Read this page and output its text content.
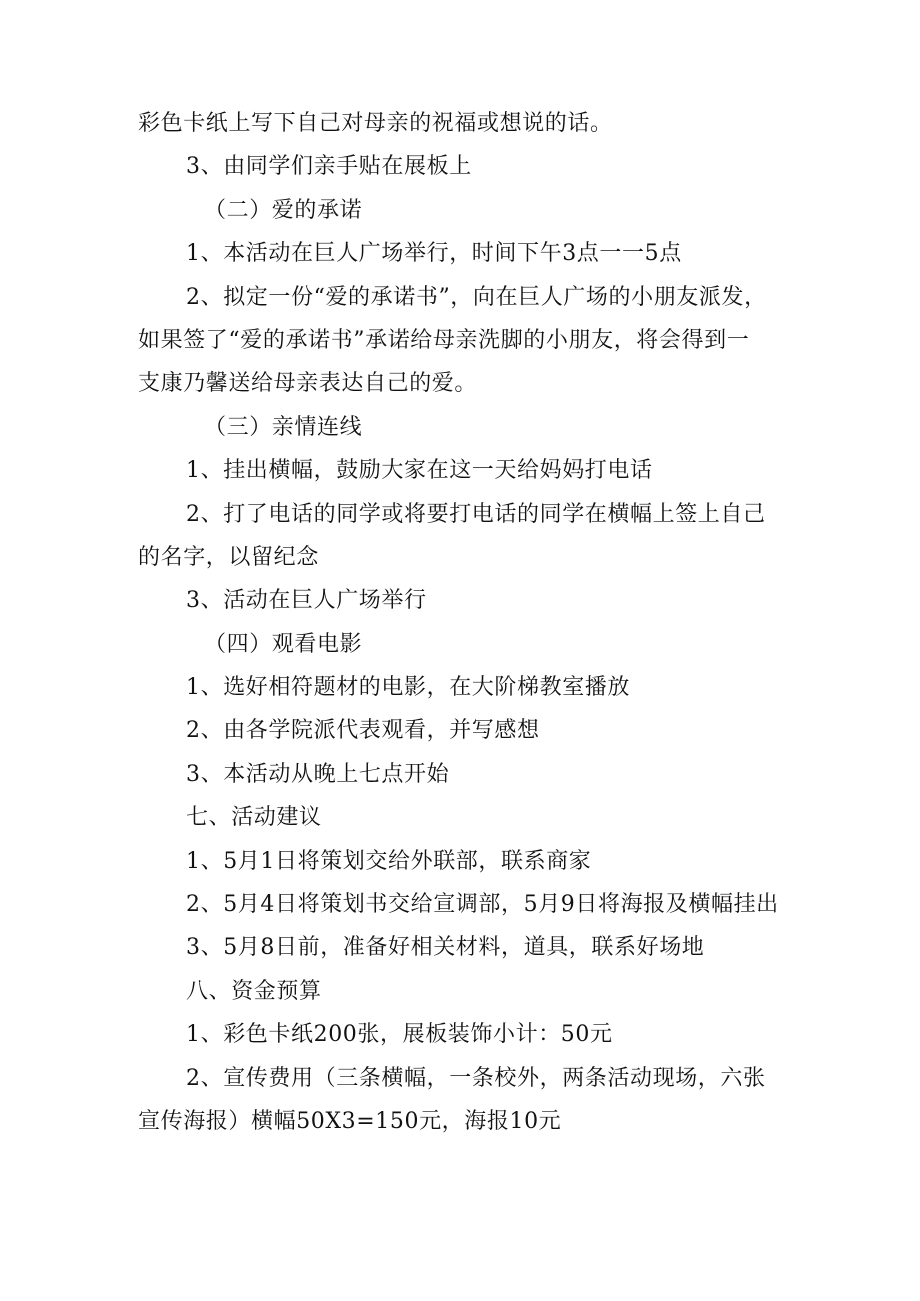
彩色卡纸上写下自己对母亲的祝福或想说的话。
3、由同学们亲手贴在展板上
（二）爱的承诺
1、本活动在巨人广场举行，时间下午3点一一5点
2、拟定一份“爱的承诺书”，向在巨人广场的小朋友派发，
如果签了“爱的承诺书”承诺给母亲洗脚的小朋友，将会得到一
支康乃馨送给母亲表达自己的爱。
（三）亲情连线
1、挂出横幅，鼓励大家在这一天给妈妈打电话
2、打了电话的同学或将要打电话的同学在横幅上签上自己
的名字，以留纪念
3、活动在巨人广场举行
（四）观看电影
1、选好相符题材的电影，在大阶梯教室播放
2、由各学院派代表观看，并写感想
3、本活动从晚上七点开始
七、活动建议
1、5月1日将策划交给外联部，联系商家
2、5月4日将策划书交给宣调部，5月9日将海报及横幅挂出
3、5月8日前，准备好相关材料，道具，联系好场地
八、资金预算
1、彩色卡纸200张，展板装饰小计：50元
2、宣传费用（三条横幅，一条校外，两条活动现场，六张
宣传海报）横幅50X3=150元，海报10元
